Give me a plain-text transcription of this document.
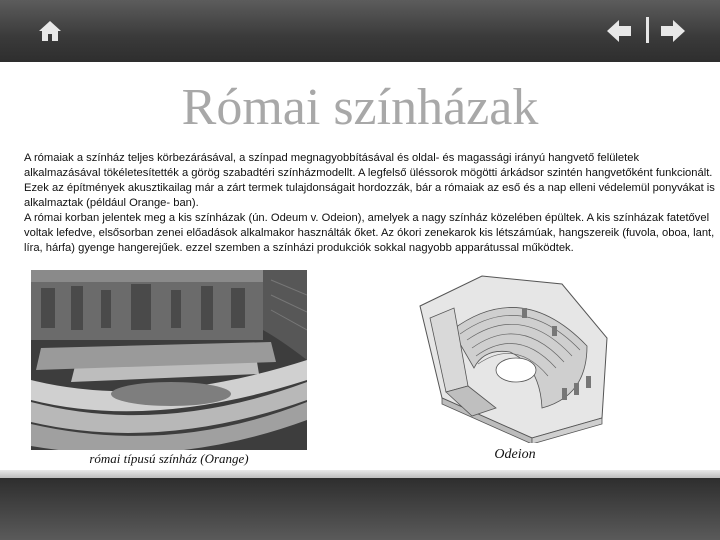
Római színházak

A rómaiak a színház teljes körbezárásával, a színpad megnagyobbításával és oldal- és magassági irányú hangvető felületek alkalmazásával tökéletesítették a görög szabadtéri színházmodellt. A legfelső üléssorok mögötti árkádsor szintén hangvetőként funkcionált. Ezek az építmények akusztikailag már a zárt termek tulajdonságait hordozzák, bár a rómaiak az eső és a nap elleni védelemül ponyvákat is alkalmaztak (például Orange- ban).

A római korban jelentek meg a kis színházak (ún. Odeum v. Odeion), amelyek a nagy színház közelében épültek. A kis színházak fatetővel voltak lefedve, elsősorban zenei előadások alkalmakor használták őket. Az ókori zenekarok kis létszámúak, hangszereik (fuvola, oboa, lant, líra, hárfa) gyenge hangerejűek. ezzel szemben a színházi produkciók sokkal nagyobb apparátussal működtek.

római típusú színház (Orange)	Odeion
